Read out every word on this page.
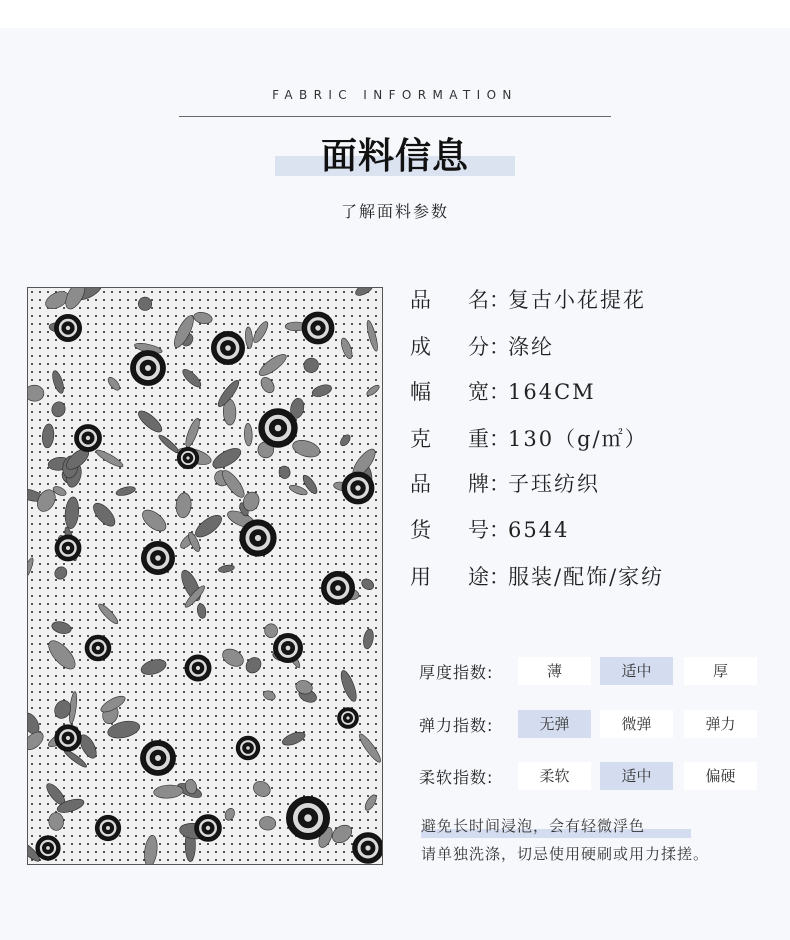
FABRIC INFORMATION
面料信息
了解面料参数
品 名：复古小花提花
成 分：涤纶
幅 宽：164CM
克 重：130（g/㎡）
品 牌：子珏纺织
货 号：6544
用 途：服装/配饰/家纺
厚度指数:	薄	适中	厚
弹力指数:	无弹	微弹	弹力
柔软指数:	柔软	适中	偏硬
避免长时间浸泡，会有轻微浮色
请单独洗涤，切忌使用硬刷或用力揉搓。
